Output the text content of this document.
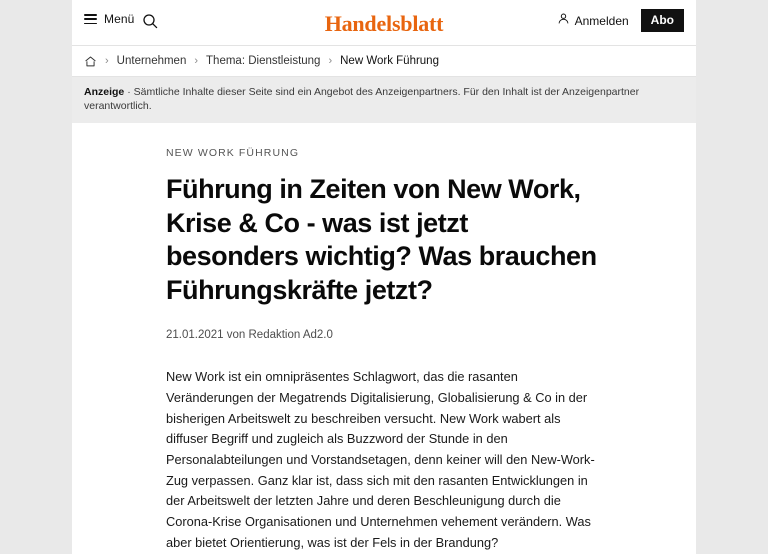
Menü	Handelsblatt	Anmelden	Abo
› Unternehmen › Thema: Dienstleistung › New Work Führung
Anzeige · Sämtliche Inhalte dieser Seite sind ein Angebot des Anzeigenpartners. Für den Inhalt ist der Anzeigenpartner verantwortlich.
NEW WORK FÜHRUNG
Führung in Zeiten von New Work, Krise & Co - was ist jetzt besonders wichtig? Was brauchen Führungskräfte jetzt?
21.01.2021 von Redaktion Ad2.0

New Work ist ein omnipräsentes Schlagwort, das die rasanten Veränderungen der Megatrends Digitalisierung, Globalisierung & Co in der bisherigen Arbeitswelt zu beschreiben versucht. New Work wabert als diffuser Begriff und zugleich als Buzzword der Stunde in den Personalabteilungen und Vorstandsetagen, denn keiner will den New-Work-Zug verpassen. Ganz klar ist, dass sich mit den rasanten Entwicklungen in der Arbeitswelt der letzten Jahre und deren Beschleunigung durch die Corona-Krise Organisationen und Unternehmen vehement verändern. Was aber bietet Orientierung, was ist der Fels in der Brandung?
